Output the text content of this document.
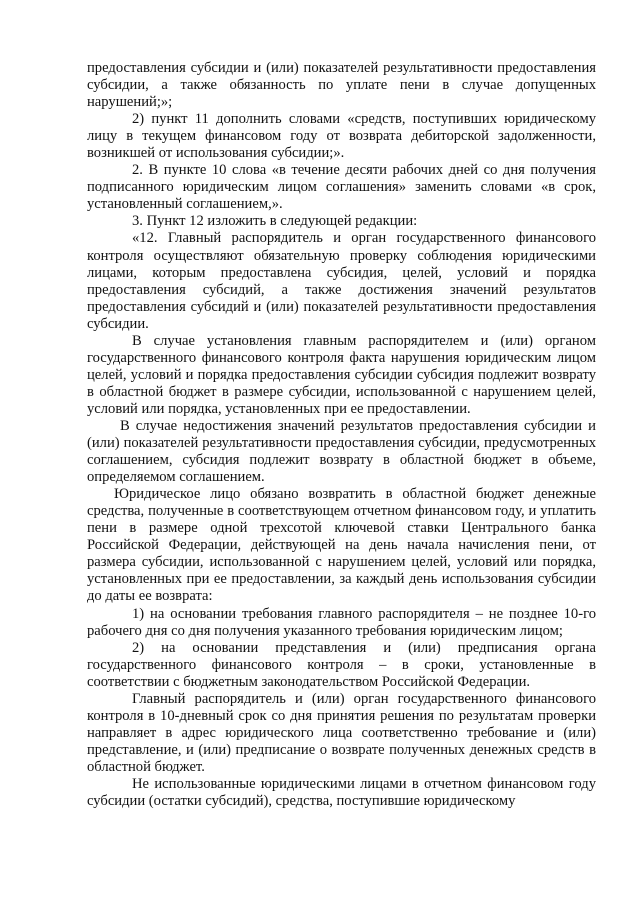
предоставления субсидии и (или) показателей результативности предоставления субсидии, а также обязанность по уплате пени в случае допущенных нарушений;»;

2) пункт 11 дополнить словами «средств, поступивших юридическому лицу в текущем финансовом году от возврата дебиторской задолженности, возникшей от использования субсидии;».

2. В пункте 10 слова «в течение десяти рабочих дней со дня получения подписанного юридическим лицом соглашения» заменить словами «в срок, установленный соглашением,».

3. Пункт 12 изложить в следующей редакции:

«12. Главный распорядитель и орган государственного финансового контроля осуществляют обязательную проверку соблюдения юридическими лицами, которым предоставлена субсидия, целей, условий и порядка предоставления субсидий, а также достижения значений результатов предоставления субсидий и (или) показателей результативности предоставления субсидии.

В случае установления главным распорядителем и (или) органом государственного финансового контроля факта нарушения юридическим лицом целей, условий и порядка предоставления субсидии субсидия подлежит возврату в областной бюджет в размере субсидии, использованной с нарушением целей, условий или порядка, установленных при ее предоставлении.

В случае недостижения значений результатов предоставления субсидии и (или) показателей результативности предоставления субсидии, предусмотренных соглашением, субсидия подлежит возврату в областной бюджет в объеме, определяемом соглашением.

Юридическое лицо обязано возвратить в областной бюджет денежные средства, полученные в соответствующем отчетном финансовом году, и уплатить пени в размере одной трехсотой ключевой ставки Центрального банка Российской Федерации, действующей на день начала начисления пени, от размера субсидии, использованной с нарушением целей, условий или порядка, установленных при ее предоставлении, за каждый день использования субсидии до даты ее возврата:

1) на основании требования главного распорядителя – не позднее 10-го рабочего дня со дня получения указанного требования юридическим лицом;

2) на основании представления и (или) предписания органа государственного финансового контроля – в сроки, установленные в соответствии с бюджетным законодательством Российской Федерации.

Главный распорядитель и (или) орган государственного финансового контроля в 10-дневный срок со дня принятия решения по результатам проверки направляет в адрес юридического лица соответственно требование и (или) представление, и (или) предписание о возврате полученных денежных средств в областной бюджет.

Не использованные юридическими лицами в отчетном финансовом году субсидии (остатки субсидий), средства, поступившие юридическому
